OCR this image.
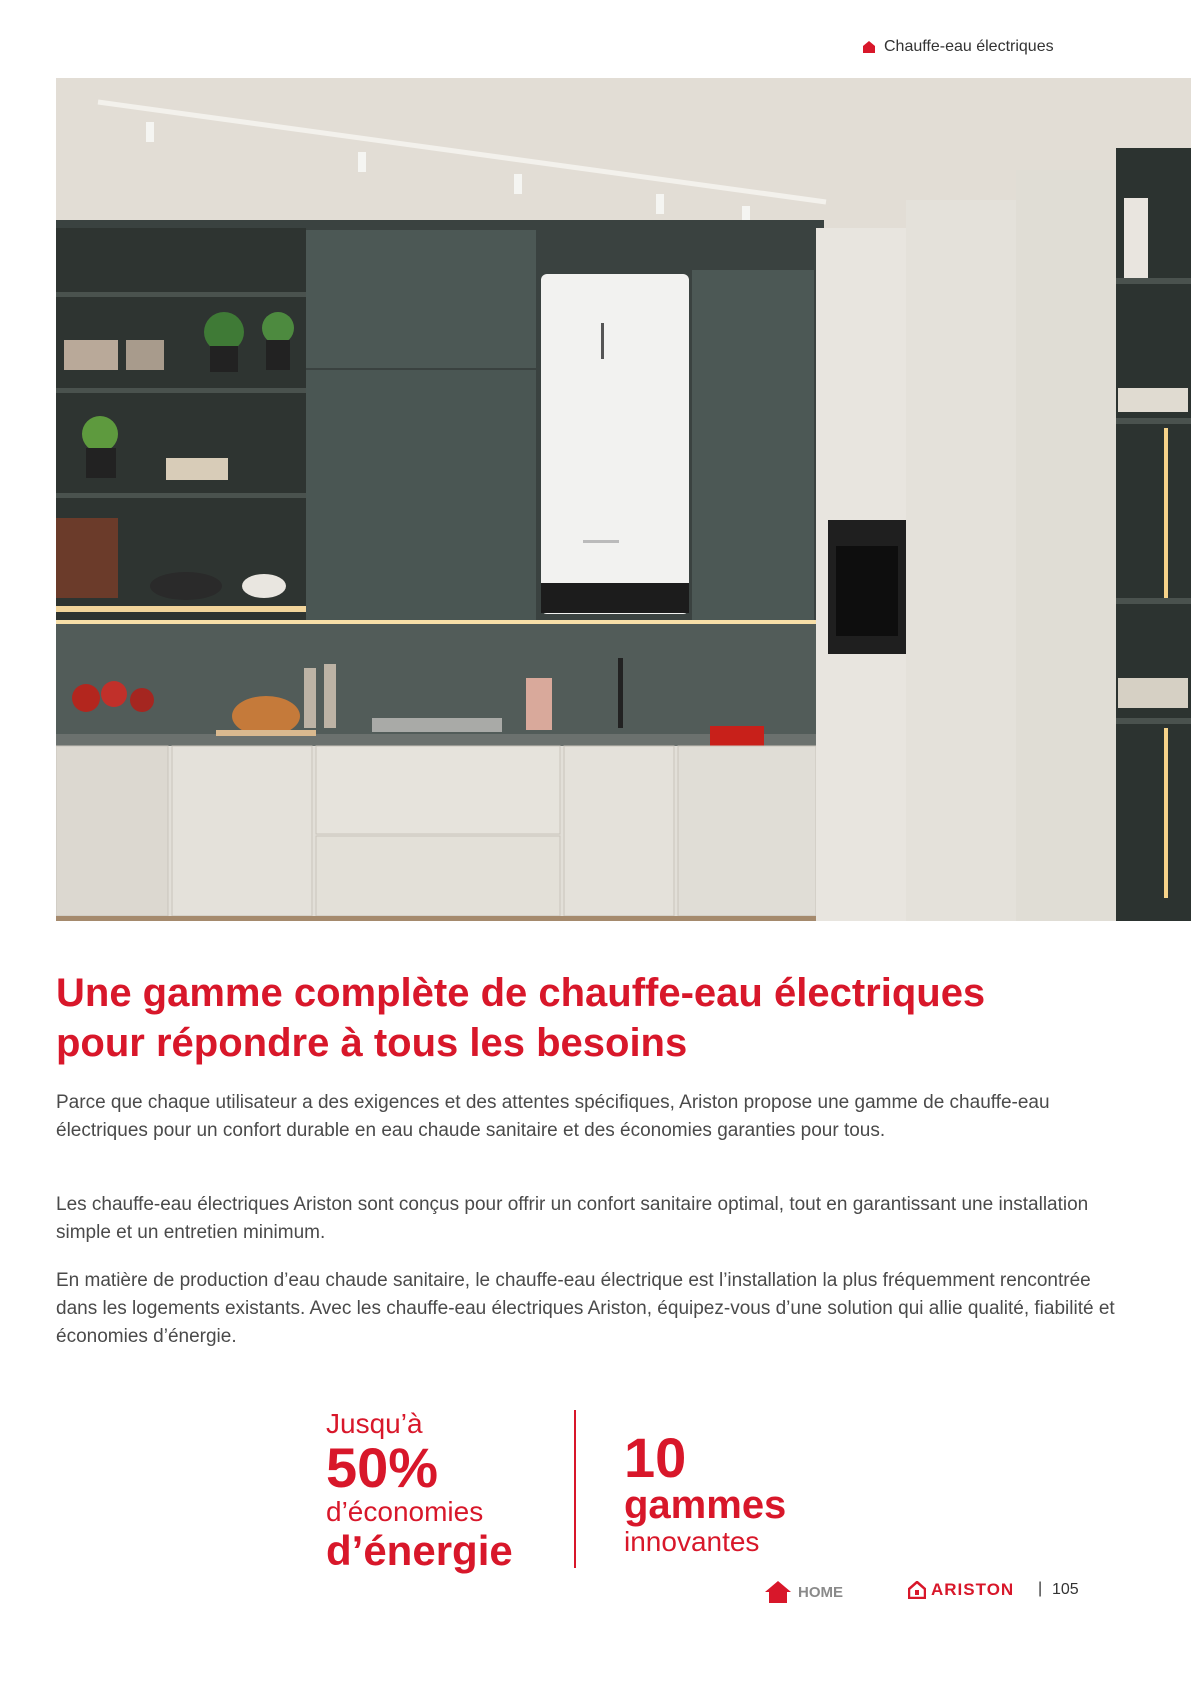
Chauffe-eau électriques
Une gamme complète de chauffe-eau électriques
pour répondre à tous les besoins

Parce que chaque utilisateur a des exigences et des attentes spécifiques, Ariston propose une gamme de chauffe-eau électriques pour un confort durable en eau chaude sanitaire et des économies garanties pour tous.

Les chauffe-eau électriques Ariston sont conçus pour offrir un confort sanitaire optimal, tout en garantissant une installation simple et un entretien minimum.

En matière de production d’eau chaude sanitaire, le chauffe-eau électrique est l’installation la plus fréquemment rencontrée dans les logements existants. Avec les chauffe-eau électriques Ariston, équipez-vous d’une solution qui allie qualité, fiabilité et économies d’énergie.

Jusqu’à
50%
d’économies
d’énergie
10
gammes
innovantes
HOME	ARISTON | 105
